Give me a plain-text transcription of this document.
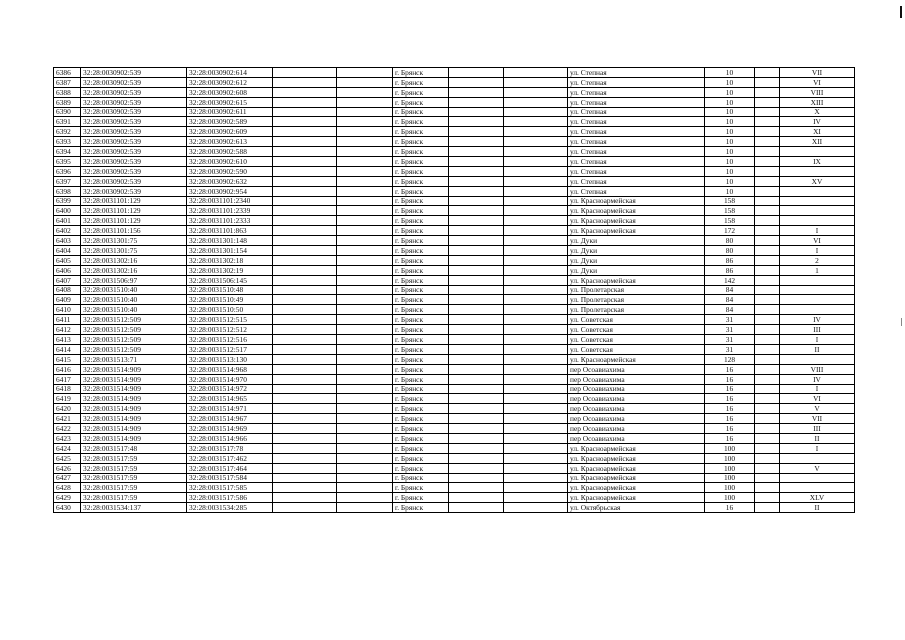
6386	32:28:0030902:539	32:28:0030902:614			г. Брянск			ул. Степная	10		VII
6387	32:28:0030902:539	32:28:0030902:612			г. Брянск			ул. Степная	10		VI
6388	32:28:0030902:539	32:28:0030902:608			г. Брянск			ул. Степная	10		VIII
6389	32:28:0030902:539	32:28:0030902:615			г. Брянск			ул. Степная	10		XIII
6390	32:28:0030902:539	32:28:0030902:611			г. Брянск			ул. Степная	10		X
6391	32:28:0030902:539	32:28:0030902:589			г. Брянск			ул. Степная	10		IV
6392	32:28:0030902:539	32:28:0030902:609			г. Брянск			ул. Степная	10		XI
6393	32:28:0030902:539	32:28:0030902:613			г. Брянск			ул. Степная	10		XII
6394	32:28:0030902:539	32:28:0030902:588			г. Брянск			ул. Степная	10		
6395	32:28:0030902:539	32:28:0030902:610			г. Брянск			ул. Степная	10		IX
6396	32:28:0030902:539	32:28:0030902:590			г. Брянск			ул. Степная	10		
6397	32:28:0030902:539	32:28:0030902:632			г. Брянск			ул. Степная	10		XV
6398	32:28:0030902:539	32:28:0030902:954			г. Брянск			ул. Степная	10		
6399	32:28:0031101:129	32:28:0031101:2340			г. Брянск			ул. Красноармейская	158		
6400	32:28:0031101:129	32:28:0031101:2339			г. Брянск			ул. Красноармейская	158		
6401	32:28:0031101:129	32:28:0031101:2333			г. Брянск			ул. Красноармейская	158		
6402	32:28:0031101:156	32:28:0031101:863			г. Брянск			ул. Красноармейская	172		I
6403	32:28:0031301:75	32:28:0031301:148			г. Брянск			ул. Дуки	80		VI
6404	32:28:0031301:75	32:28:0031301:154			г. Брянск			ул. Дуки	80		I
6405	32:28:0031302:16	32:28:0031302:18			г. Брянск			ул. Дуки	86		2
6406	32:28:0031302:16	32:28:0031302:19			г. Брянск			ул. Дуки	86		1
6407	32:28:0031506:97	32:28:0031506:145			г. Брянск			ул. Красноармейская	142		
6408	32:28:0031510:40	32:28:0031510:48			г. Брянск			ул. Пролетарская	84		
6409	32:28:0031510:40	32:28:0031510:49			г. Брянск			ул. Пролетарская	84		
6410	32:28:0031510:40	32:28:0031510:50			г. Брянск			ул. Пролетарская	84		
6411	32:28:0031512:509	32:28:0031512:515			г. Брянск			ул. Советская	31		IV
6412	32:28:0031512:509	32:28:0031512:512			г. Брянск			ул. Советская	31		III
6413	32:28:0031512:509	32:28:0031512:516			г. Брянск			ул. Советская	31		I
6414	32:28:0031512:509	32:28:0031512:517			г. Брянск			ул. Советская	31		II
6415	32:28:0031513:71	32:28:0031513:130			г. Брянск			ул. Красноармейская	128		
6416	32:28:0031514:909	32:28:0031514:968			г. Брянск			пер Осоавиахима	16		VIII
6417	32:28:0031514:909	32:28:0031514:970			г. Брянск			пер Осоавиахима	16		IV
6418	32:28:0031514:909	32:28:0031514:972			г. Брянск			пер Осоавиахима	16		I
6419	32:28:0031514:909	32:28:0031514:965			г. Брянск			пер Осоавиахима	16		VI
6420	32:28:0031514:909	32:28:0031514:971			г. Брянск			пер Осоавиахима	16		V
6421	32:28:0031514:909	32:28:0031514:967			г. Брянск			пер Осоавиахима	16		VII
6422	32:28:0031514:909	32:28:0031514:969			г. Брянск			пер Осоавиахима	16		III
6423	32:28:0031514:909	32:28:0031514:966			г. Брянск			пер Осоавиахима	16		II
6424	32:28:0031517:48	32:28:0031517:78			г. Брянск			ул. Красноармейская	100		I
6425	32:28:0031517:59	32:28:0031517:462			г. Брянск			ул. Красноармейская	100		
6426	32:28:0031517:59	32:28:0031517:464			г. Брянск			ул. Красноармейская	100		V
6427	32:28:0031517:59	32:28:0031517:584			г. Брянск			ул. Красноармейская	100		
6428	32:28:0031517:59	32:28:0031517:585			г. Брянск			ул. Красноармейская	100		
6429	32:28:0031517:59	32:28:0031517:586			г. Брянск			ул. Красноармейская	100		XLV
6430	32:28:0031534:137	32:28:0031534:285			г. Брянск			ул. Октябрьская	16		II
